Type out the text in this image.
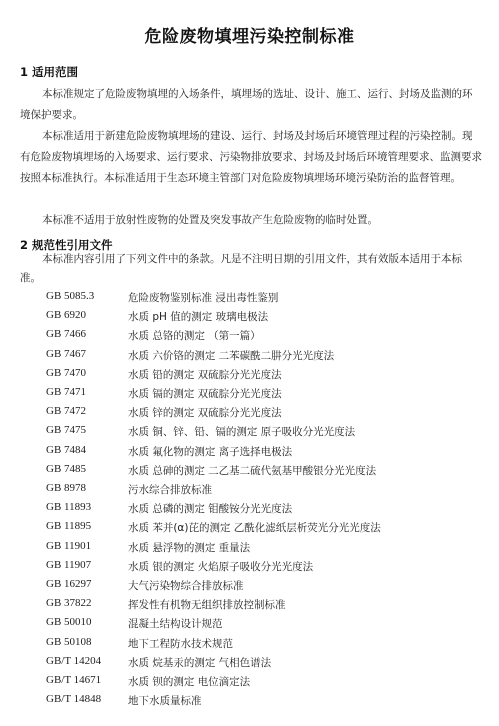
危险废物填埋污染控制标准
1 适用范围
本标准规定了危险废物填埋的入场条件，填埋场的选址、设计、施工、运行、封场及监测的环境保护要求。
本标准适用于新建危险废物填埋场的建设、运行、封场及封场后环境管理过程的污染控制。现有危险废物填埋场的入场要求、运行要求、污染物排放要求、封场及封场后环境管理要求、监测要求按照本标准执行。本标准适用于生态环境主管部门对危险废物填埋场环境污染防治的监督管理。
本标准不适用于放射性废物的处置及突发事故产生危险废物的临时处置。
2 规范性引用文件
本标准内容引用了下列文件中的条款。凡是不注明日期的引用文件，其有效版本适用于本标准。
GB 5085.3	危险废物鉴别标准 浸出毒性鉴别
GB 6920	水质 pH 值的测定 玻璃电极法
GB 7466	水质 总铬的测定 （第一篇）
GB 7467	水质 六价铬的测定 二苯碳酰二肼分光光度法
GB 7470	水质 铅的测定 双硫腙分光光度法
GB 7471	水质 镉的测定 双硫腙分光光度法
GB 7472	水质 锌的测定 双硫腙分光光度法
GB 7475	水质 铜、锌、铅、镉的测定 原子吸收分光光度法
GB 7484	水质 氟化物的测定 离子选择电极法
GB 7485	水质 总砷的测定 二乙基二硫代氨基甲酸银分光光度法
GB 8978	污水综合排放标准
GB 11893	水质 总磷的测定 钼酸铵分光光度法
GB 11895	水质 苯并(α)芘的测定 乙酰化滤纸层析荧光分光光度法
GB 11901	水质 悬浮物的测定 重量法
GB 11907	水质 银的测定 火焰原子吸收分光光度法
GB 16297	大气污染物综合排放标准
GB 37822	挥发性有机物无组织排放控制标准
GB 50010	混凝土结构设计规范
GB 50108	地下工程防水技术规范
GB/T 14204	水质 烷基汞的测定 气相色谱法
GB/T 14671	水质 钡的测定 电位滴定法
GB/T 14848	地下水质量标准
